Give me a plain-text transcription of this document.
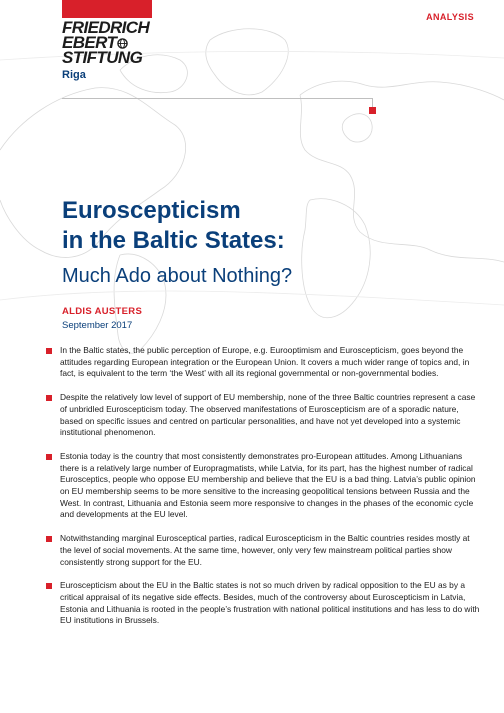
FRIEDRICH
EBERT
STIFTUNG
Riga
ANALYSIS
Euroscepticism
in the Baltic States:
Much Ado about Nothing?
ALDIS AUSTERS
September 2017
In the Baltic states, the public perception of Europe, e.g. Eurooptimism and Euroscepticism, goes beyond the attitudes regarding European integration or the European Union. It covers a much wider range of topics and, in fact, is equivalent to the term ‘the West’ with all its regional governmental or non-governmental bodies.
Despite the relatively low level of support of EU membership, none of the three Baltic countries represent a case of unbridled Euroscepticism today. The observed manifestations of Euroscepticism are of a sporadic nature, based on specific issues and centred on particular personalities, and have not yet developed into a systemic institutional phenomenon.
Estonia today is the country that most consistently demonstrates pro-European attitudes. Among Lithuanians there is a relatively large number of Europragmatists, while Latvia, for its part, has the highest number of radical Eurosceptics, people who oppose EU membership and believe that the EU is a bad thing. Latvia’s public opinion on EU membership seems to be more sensitive to the increasing geopolitical tensions between Russia and the West. In contrast, Lithuania and Estonia seem more responsive to changes in the phases of the economic cycle and developments at the EU level.
Notwithstanding marginal Eurosceptical parties, radical Euroscepticism in the Baltic countries resides mostly at the level of social movements. At the same time, however, only very few mainstream political parties show consistently strong support for the EU.
Euroscepticism about the EU in the Baltic states is not so much driven by radical opposition to the EU as by a critical appraisal of its negative side effects. Besides, much of the controversy about Euroscepticism in Latvia, Estonia and Lithuania is rooted in the people’s frustration with national political institutions and has less to do with EU institutions in Brussels.
